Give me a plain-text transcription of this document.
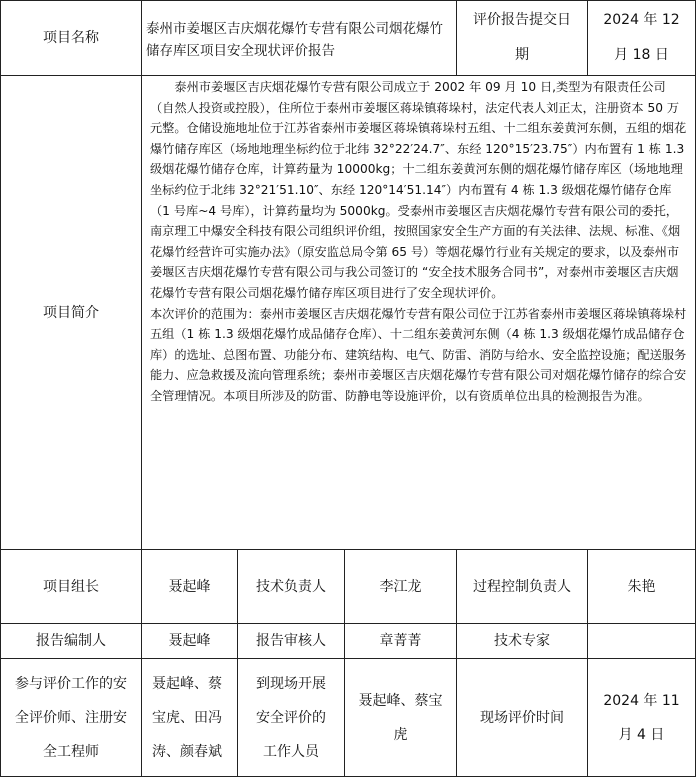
项目名称	泰州市姜堰区吉庆烟花爆竹专营有限公司烟花爆竹储存库区项目安全现状评价报告			评价报告提交日期	2024 年 12 月 18 日
项目简介	泰州市姜堰区吉庆烟花爆竹专营有限公司成立于 2002 年 09 月 10 日,类型为有限责任公司（自然人投资或控股），住所位于泰州市姜堰区蒋垛镇蒋垛村，法定代表人刘正太，注册资本 50 万元整。仓储设施地址位于江苏省泰州市姜堰区蒋垛镇蒋垛村五组、十二组东姜黄河东侧，五组的烟花爆竹储存库区（场地地理坐标约位于北纬 32°22′24.7″、东经 120°15′23.75″）内布置有 1 栋 1.3 级烟花爆竹储存仓库，计算药量为 10000kg；十二组东姜黄河东侧的烟花爆竹储存库区（场地地理坐标约位于北纬 32°21′51.10″、东经 120°14′51.14″）内布置有 4 栋 1.3 级烟花爆竹储存仓库（1 号库~4 号库），计算药量均为 5000kg。受泰州市姜堰区吉庆烟花爆竹专营有限公司的委托，南京理工中爆安全科技有限公司组织评价组，按照国家安全生产方面的有关法律、法规、标准、《烟花爆竹经营许可实施办法》（原安监总局令第 65 号）等烟花爆竹行业有关规定的要求，以及泰州市姜堰区吉庆烟花爆竹专营有限公司与我公司签订的 “安全技术服务合同书”，对泰州市姜堰区吉庆烟花爆竹专营有限公司烟花爆竹储存库区项目进行了安全现状评价。

本次评价的范围为：泰州市姜堰区吉庆烟花爆竹专营有限公司位于江苏省泰州市姜堰区蒋垛镇蒋垛村五组（1 栋 1.3 级烟花爆竹成品储存仓库）、十二组东姜黄河东侧（4 栋 1.3 级烟花爆竹成品储存仓库）的选址、总图布置、功能分布、建筑结构、电气、防雷、消防与给水、安全监控设施；配送服务能力、应急救援及流向管理系统；泰州市姜堰区吉庆烟花爆竹专营有限公司对烟花爆竹储存的综合安全管理情况。本项目所涉及的防雷、防静电等设施评价，以有资质单位出具的检测报告为准。				

项目组长	聂起峰	技术负责人	李江龙	过程控制负责人	朱艳
报告编制人	聂起峰	报告审核人	章菁菁	技术专家	
参与评价工作的安全评价师、注册安全工程师	聂起峰、蔡宝虎、田冯涛、颜春斌	到现场开展安全评价的工作人员	聂起峰、蔡宝虎	现场评价时间	2024 年 11 月 4 日
